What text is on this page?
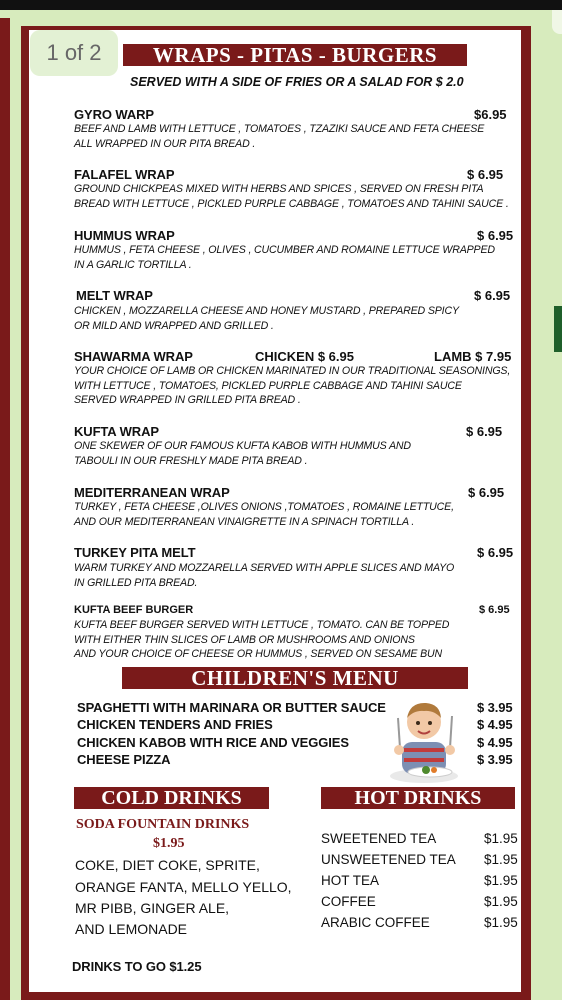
1 of 2	WRAPS - PITAS - BURGERS
SERVED WITH A SIDE OF FRIES OR A SALAD FOR $ 2.0
GYRO WARP	$6.95
BEEF AND LAMB WITH LETTUCE , TOMATOES , TZAZIKI SAUCE AND FETA CHEESE
ALL WRAPPED IN OUR PITA BREAD .
FALAFEL WRAP	$ 6.95
GROUND CHICKPEAS MIXED WITH HERBS AND SPICES , SERVED ON FRESH PITA
BREAD WITH LETTUCE , PICKLED PURPLE CABBAGE , TOMATOES AND TAHINI SAUCE .
HUMMUS WRAP	$ 6.95
HUMMUS , FETA CHEESE , OLIVES , CUCUMBER AND ROMAINE LETTUCE WRAPPED
IN A GARLIC TORTILLA .
MELT WRAP	$ 6.95
CHICKEN , MOZZARELLA CHEESE AND HONEY MUSTARD , PREPARED SPICY
OR MILD AND WRAPPED AND GRILLED .
SHAWARMA WRAP	CHICKEN $ 6.95	LAMB $ 7.95
YOUR CHOICE OF LAMB OR CHICKEN MARINATED IN OUR TRADITIONAL SEASONINGS,
WITH LETTUCE , TOMATOES, PICKLED PURPLE CABBAGE AND TAHINI SAUCE
SERVED WRAPPED IN GRILLED PITA BREAD .
KUFTA WRAP	$ 6.95
ONE SKEWER OF OUR FAMOUS KUFTA KABOB WITH HUMMUS AND
TABOULI IN OUR FRESHLY MADE PITA BREAD .
MEDITERRANEAN WRAP	$ 6.95
TURKEY , FETA CHEESE ,OLIVES ONIONS ,TOMATOES , ROMAINE LETTUCE,
AND OUR MEDITERRANEAN VINAIGRETTE IN A SPINACH TORTILLA .
TURKEY PITA MELT	$ 6.95
WARM TURKEY AND MOZZARELLA SERVED WITH APPLE SLICES AND MAYO
IN GRILLED PITA BREAD.
KUFTA BEEF BURGER	$ 6.95
KUFTA BEEF BURGER SERVED WITH LETTUCE , TOMATO. CAN BE TOPPED
WITH EITHER THIN SLICES OF LAMB OR MUSHROOMS AND ONIONS
AND YOUR CHOICE OF CHEESE OR HUMMUS , SERVED ON SESAME BUN
CHILDREN'S MENU
SPAGHETTI WITH MARINARA OR BUTTER SAUCE	$ 3.95
CHICKEN TENDERS AND FRIES	$ 4.95
CHICKEN KABOB WITH RICE AND VEGGIES	$ 4.95
CHEESE PIZZA	$ 3.95
COLD DRINKS
SODA FOUNTAIN DRINKS
$1.95
COKE, DIET COKE, SPRITE,
ORANGE FANTA, MELLO YELLO,
MR PIBB, GINGER ALE,
AND LEMONADE
HOT DRINKS
SWEETENED TEA	$1.95
UNSWEETENED TEA $1.95
HOT TEA	$1.95
COFFEE	$1.95
ARABIC COFFEE	$1.95
DRINKS TO GO $1.25
